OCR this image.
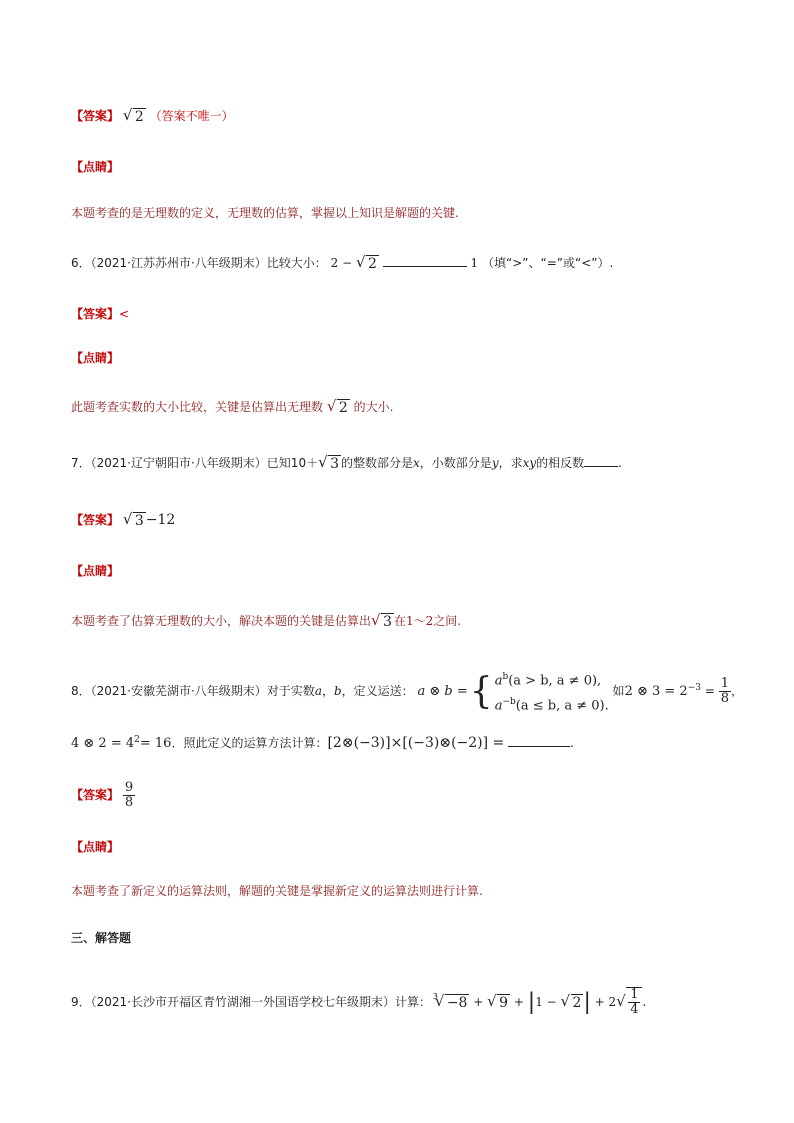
【答案】 √ 2 （答案不唯一）
【点睛】
本题考查的是无理数的定义，无理数的估算，掌握以上知识是解题的关键.
6．（2021·江苏苏州市·八年级期末）比较大小： 2 − √ 2	1 （填“>”、“=”或“<”）.
【答案】<
【点睛】
此题考查实数的大小比较，关键是估算出无理数 √ 2 的大小.
7．（2021·辽宁朝阳市·八年级期末）已知10＋ √ 3 的整数部分是x，小数部分是y，求xy的相反数	.
【答案】 √ 3 −12
【点睛】
本题考查了估算无理数的大小，解决本题的关键是估算出 √ 3 在1～2之间.
8．（2021·安徽芜湖市·八年级期末）对于实数a，b，定义运送： a ⊗ b = { $a^b(a > b$, a ≠ 0),
$a^{-b}(a \le b$, a ≠ 0).
如2 ⊗ $3 = 2^{-3} = \frac{1}{8}$ ，
4 ⊗ $2 = 4^2= 16$．照此定义的运算方法计算：[2⊗(−3)]×[(−3)⊗(−2)] =	.
【答案】 $\frac{9}{8}$
【点睛】
本题考查了新定义的运算法则，解题的关键是掌握新定义的运算法则进行计算.
三、解答题
9．（2021·长沙市开福区青竹湖湘一外国语学校七年级期末）计算： √ 3 −8 + √ 9 + |1 − √ 2| + 2 √ $\frac{1}{4}$ .
